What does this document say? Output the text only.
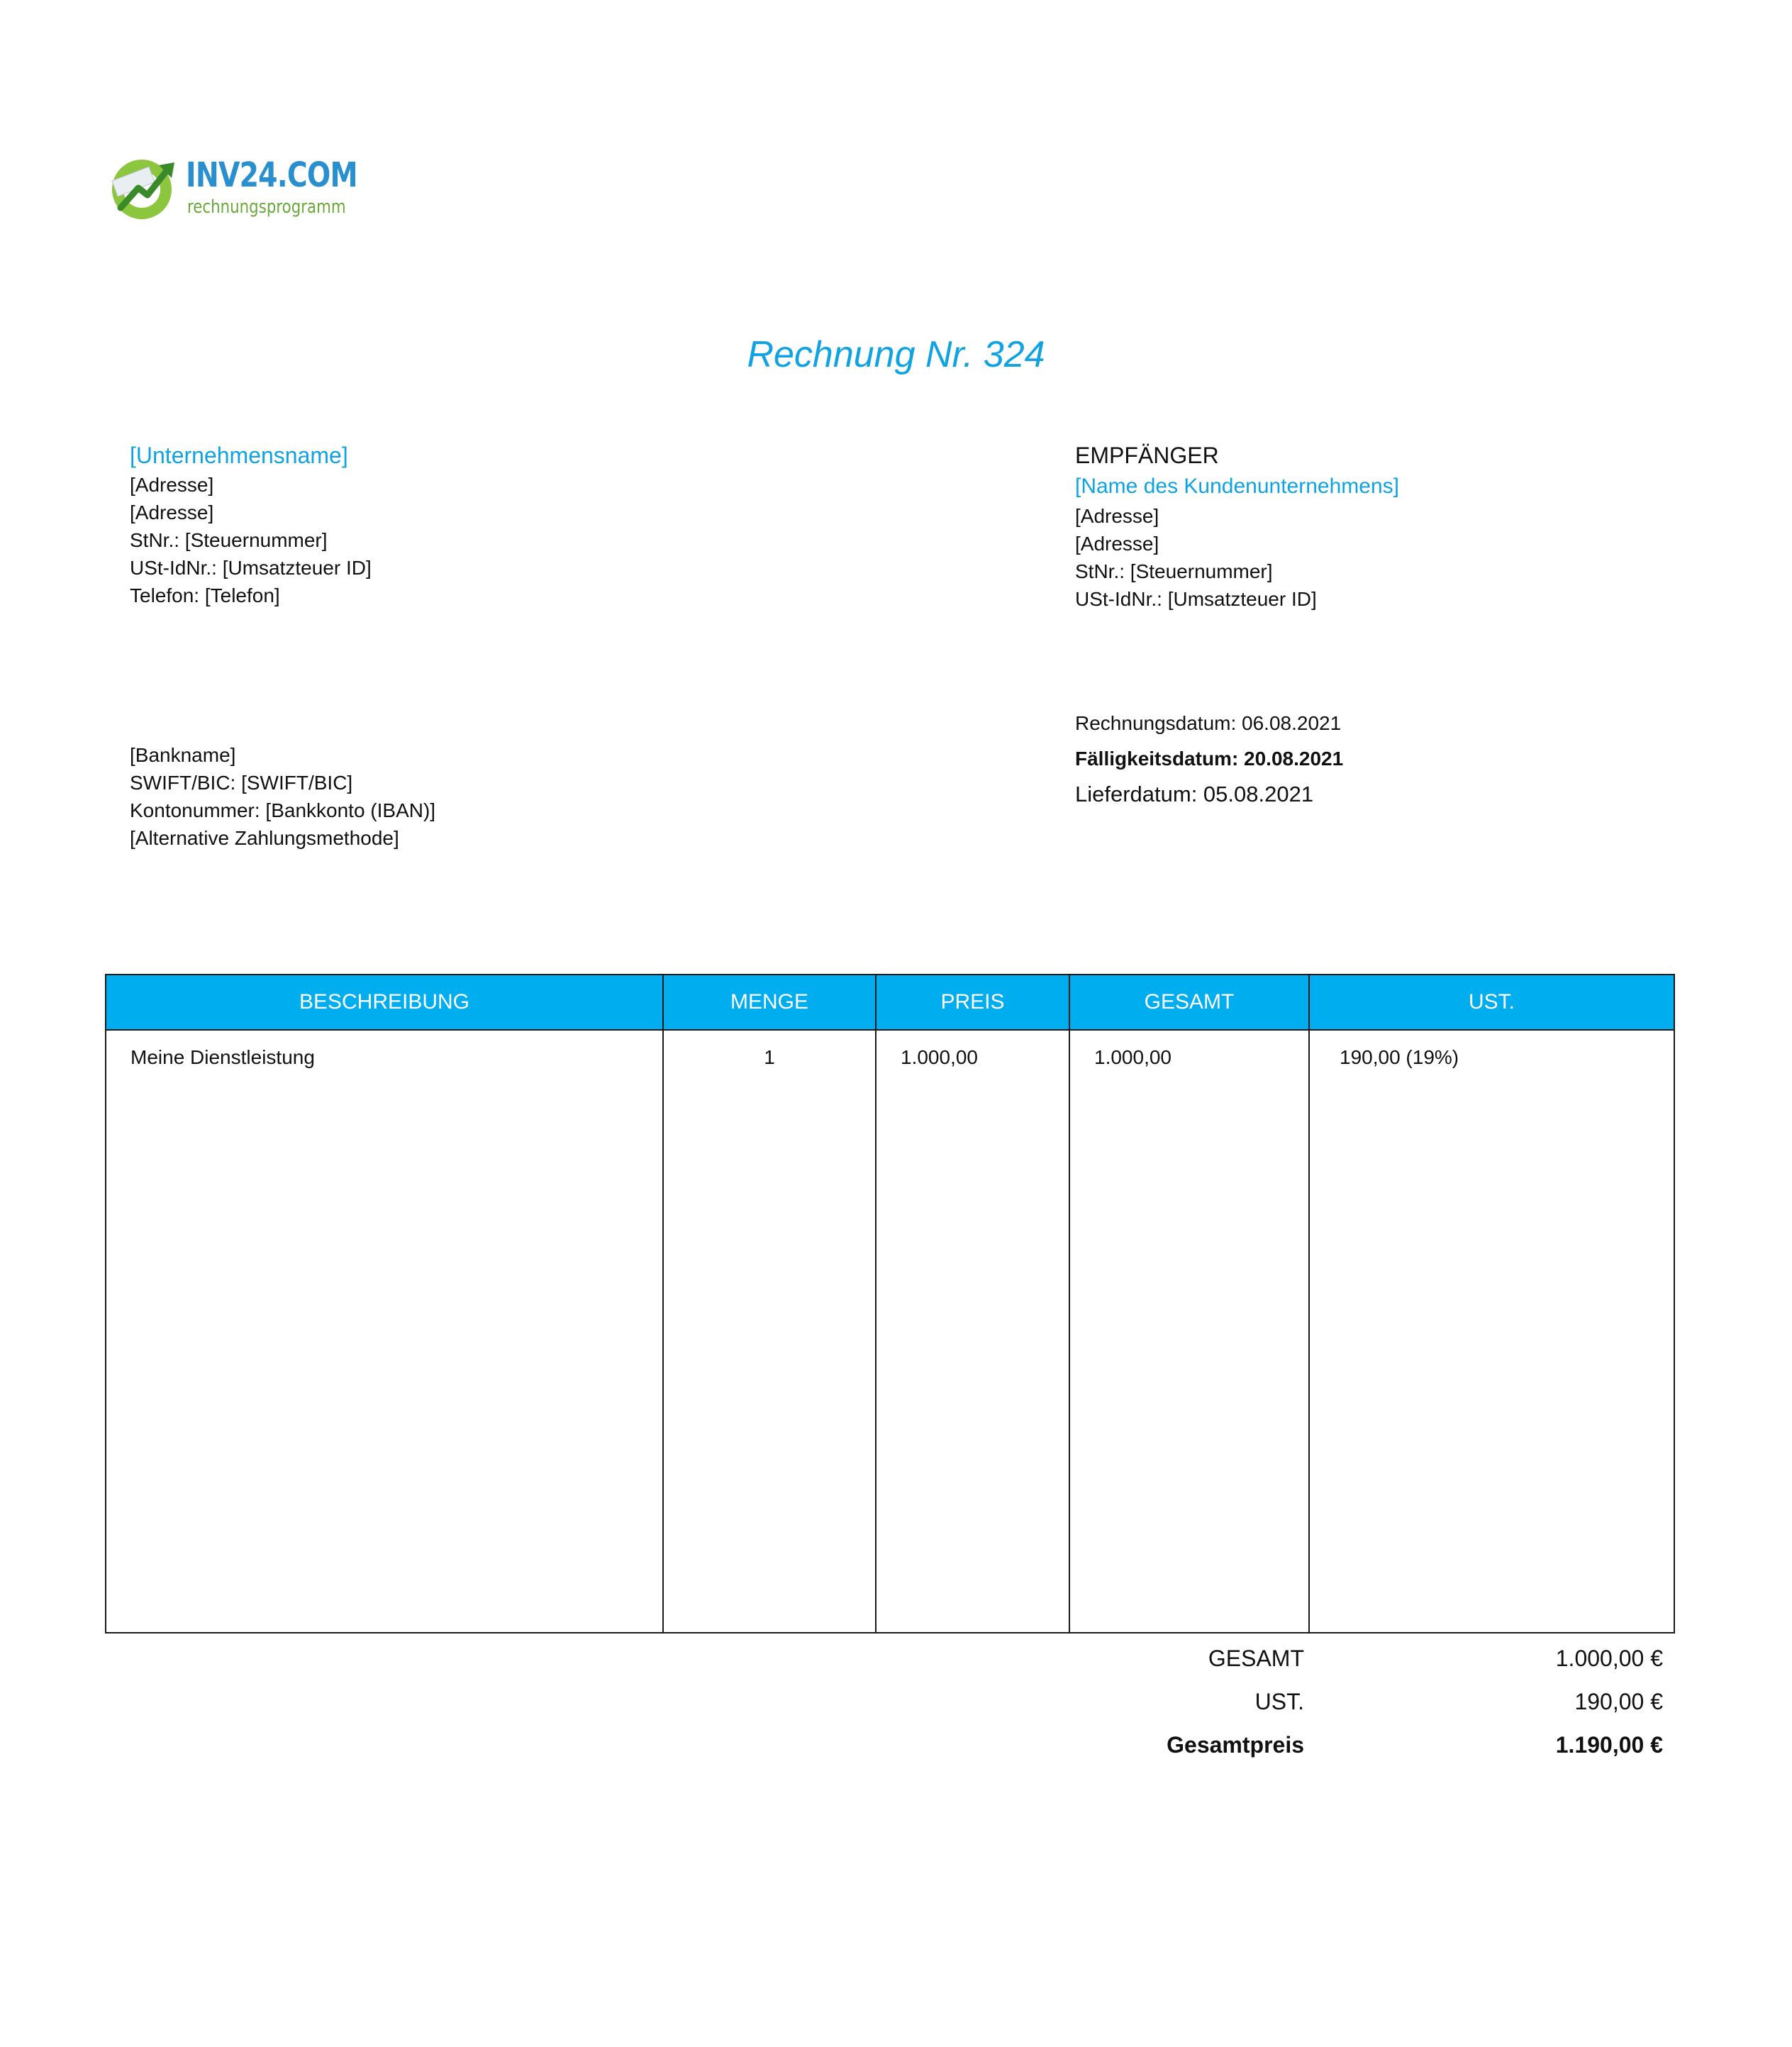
INV24.COM
rechnungsprogramm
Rechnung Nr. 324
[Unternehmensname]
[Adresse]
[Adresse]
StNr.: [Steuernummer]
USt-IdNr.: [Umsatzteuer ID]
Telefon: [Telefon]
EMPFÄNGER
[Name des Kundenunternehmens]
[Adresse]
[Adresse]
StNr.: [Steuernummer]
USt-IdNr.: [Umsatzteuer ID]
[Bankname]
SWIFT/BIC: [SWIFT/BIC]
Kontonummer: [Bankkonto (IBAN)]
[Alternative Zahlungsmethode]
Rechnungsdatum: 06.08.2021
Fälligkeitsdatum: 20.08.2021
Lieferdatum: 05.08.2021
BESCHREIBUNG	MENGE	PREIS	GESAMT	UST.
Meine Dienstleistung	1	1.000,00	1.000,00	190,00 (19%)
GESAMT	1.000,00 €
UST.	190,00 €
Gesamtpreis	1.190,00 €
